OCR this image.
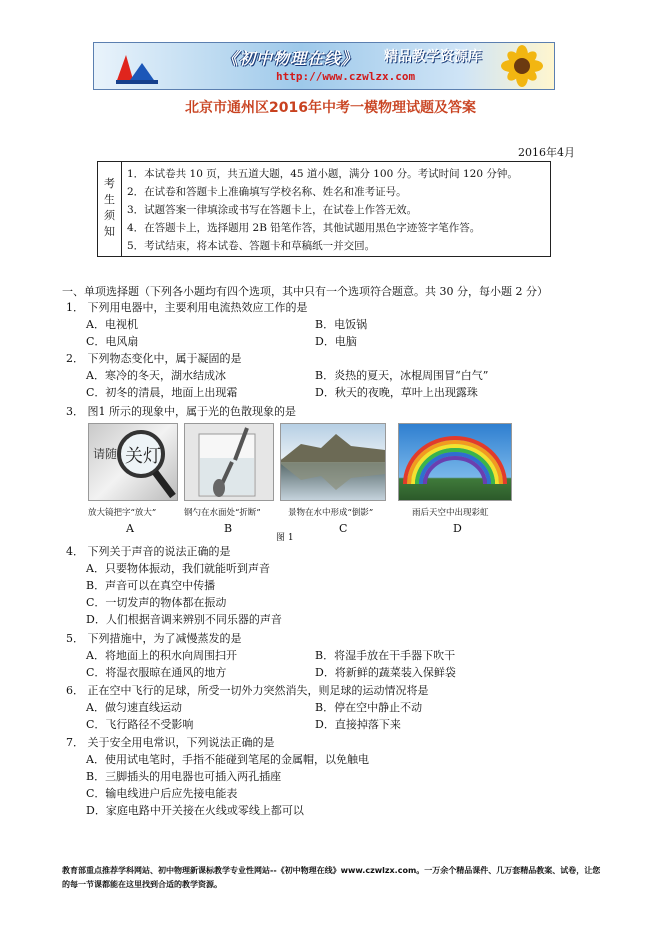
《初中物理在线》 精品教学资源库
http://www.czwlzx.com
北京市通州区2016年中考一模物理试题及答案
2016年4月
考
生
须
知
1．本试卷共 10 页，共五道大题，45 道小题，满分 100 分。考试时间 120 分钟。
2．在试卷和答题卡上准确填写学校名称、姓名和准考证号。
3．试题答案一律填涂或书写在答题卡上，在试卷上作答无效。
4．在答题卡上，选择题用 2B 铅笔作答，其他试题用黑色字迹签字笔作答。
5．考试结束，将本试卷、答题卡和草稿纸一并交回。
一、单项选择题（下列各小题均有四个选项，其中只有一个选项符合题意。共 30 分，每小题 2 分）
1． 下列用电器中，主要利用电流热效应工作的是
A．电视机	B．电饭锅
C．电风扇	D．电脑
2． 下列物态变化中，属于凝固的是
A．寒冷的冬天，湖水结成冰	B．炎热的夏天，冰棍周围冒“白气”
C．初冬的清晨，地面上出现霜	D．秋天的夜晚，草叶上出现露珠
3． 图1 所示的现象中，属于光的色散现象的是
请随 关灯
放大镜把字“放大”	钢勺在水面处“折断”	景物在水中形成“倒影”	雨后天空中出现彩虹
A	B	C	D
图 1
4． 下列关于声音的说法正确的是
A．只要物体振动，我们就能听到声音
B．声音可以在真空中传播
C．一切发声的物体都在振动
D．人们根据音调来辨别不同乐器的声音
5． 下列措施中，为了减慢蒸发的是
A．将地面上的积水向周围扫开	B．将湿手放在干手器下吹干
C．将湿衣服晾在通风的地方	D．将新鲜的蔬菜装入保鲜袋
6． 正在空中飞行的足球，所受一切外力突然消失，则足球的运动情况将是
A．做匀速直线运动	B．停在空中静止不动
C．飞行路径不受影响	D．直接掉落下来
7． 关于安全用电常识，下列说法正确的是
A．使用试电笔时，手指不能碰到笔尾的金属帽，以免触电
B．三脚插头的用电器也可插入两孔插座
C．输电线进户后应先接电能表
D．家庭电路中开关接在火线或零线上都可以
教育部重点推荐学科网站、初中物理新课标教学专业性网站--《初中物理在线》www.czwlzx.com。一万余个精品课件、几万套精品教案、试卷，让您的每一节课都能在这里找到合适的教学资源。
